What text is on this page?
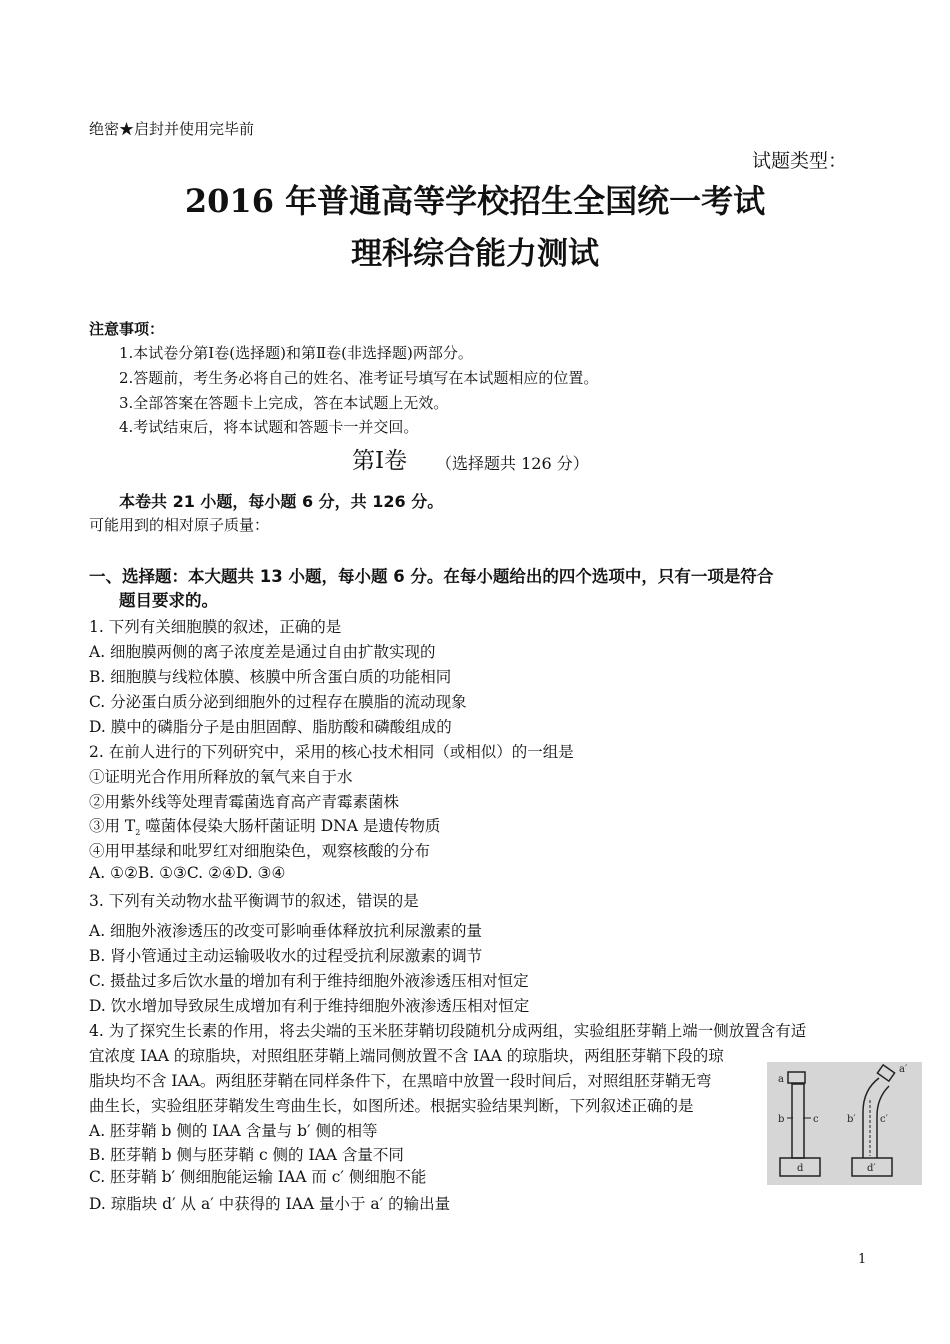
绝密★启封并使用完毕前
试题类型：
2016 年普通高等学校招生全国统一考试
理科综合能力测试
注意事项：
1.本试卷分第Ⅰ卷(选择题)和第Ⅱ卷(非选择题)两部分。
2.答题前，考生务必将自己的姓名、准考证号填写在本试题相应的位置。
3.全部答案在答题卡上完成，答在本试题上无效。
4.考试结束后，将本试题和答题卡一并交回。
第Ⅰ卷 （选择题共 126 分）
本卷共 21 小题，每小题 6 分，共 126 分。
可能用到的相对原子质量：
一、选择题：本大题共 13 小题，每小题 6 分。在每小题给出的四个选项中，只有一项是符合
题目要求的。
1. 下列有关细胞膜的叙述，正确的是
A. 细胞膜两侧的离子浓度差是通过自由扩散实现的
B. 细胞膜与线粒体膜、核膜中所含蛋白质的功能相同
C. 分泌蛋白质分泌到细胞外的过程存在膜脂的流动现象
D. 膜中的磷脂分子是由胆固醇、脂肪酸和磷酸组成的
2. 在前人进行的下列研究中，采用的核心技术相同（或相似）的一组是
①证明光合作用所释放的氧气来自于水
②用紫外线等处理青霉菌选育高产青霉素菌株
③用 $T_2$ 噬菌体侵染大肠杆菌证明 DNA 是遗传物质
④用甲基绿和吡罗红对细胞染色，观察核酸的分布
A. ①②B. ①③C. ②④D. ③④
3. 下列有关动物水盐平衡调节的叙述，错误的是
A. 细胞外液渗透压的改变可影响垂体释放抗利尿激素的量
B. 肾小管通过主动运输吸收水的过程受抗利尿激素的调节
C. 摄盐过多后饮水量的增加有利于维持细胞外液渗透压相对恒定
D. 饮水增加导致尿生成增加有利于维持细胞外液渗透压相对恒定
4. 为了探究生长素的作用，将去尖端的玉米胚芽鞘切段随机分成两组，实验组胚芽鞘上端一侧放置含有适
宜浓度 IAA 的琼脂块，对照组胚芽鞘上端同侧放置不含 IAA 的琼脂块，两组胚芽鞘下段的琼
脂块均不含 IAA。两组胚芽鞘在同样条件下，在黑暗中放置一段时间后，对照组胚芽鞘无弯
曲生长，实验组胚芽鞘发生弯曲生长，如图所述。根据实验结果判断，下列叙述正确的是
A. 胚芽鞘 b 侧的 IAA 含量与 b′ 侧的相等
B. 胚芽鞘 b 侧与胚芽鞘 c 侧的 IAA 含量不同
C. 胚芽鞘 b′ 侧细胞能运输 IAA 而 c′ 侧细胞不能
D. 琼脂块 d′ 从 a′ 中获得的 IAA 量小于 a′ 的输出量
a
b	c
d
a′
b′ c′
d′
1
